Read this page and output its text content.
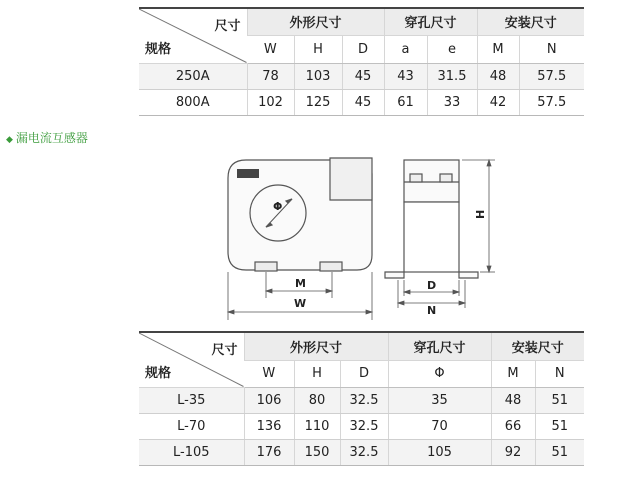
尺寸
规格	外形尺寸			穿孔尺寸		安装尺寸	
	W	H	D	a	e	M	N
250A	78	103	45	43	31.5	48	57.5
800A	102	125	45	61	33	42	57.5
◆ 漏电流互感器
Φ
M
W
H
D
N
尺寸
规格	外形尺寸			穿孔尺寸	安装尺寸	
	W	H	D	Φ	M	N
L-35	106	80	32.5	35	48	51
L-70	136	110	32.5	70	66	51
L-105	176	150	32.5	105	92	51
